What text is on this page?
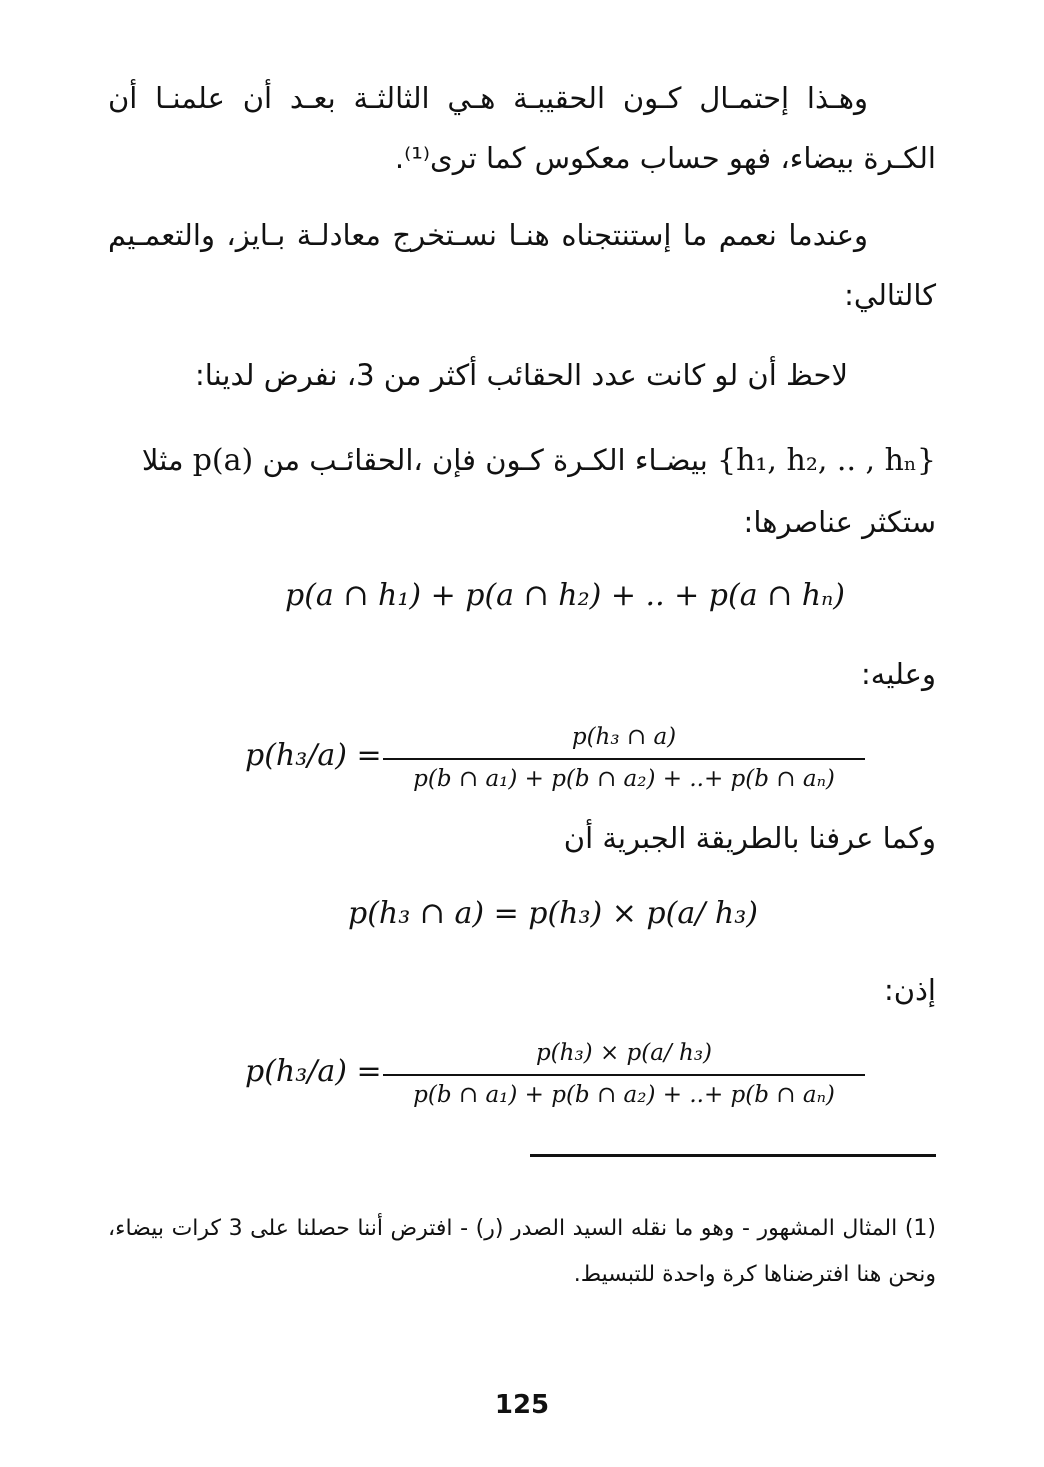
وهـذا إحتمـال كـون الحقيبـة هـي الثالثـة بعـد أن علمنـا أن الكـرة بيضاء، فهو حساب معكوس كما ترى⁽¹⁾.

وعندما نعمم ما إستنتجناه هنـا نسـتخرج معادلـة بـايز، والتعمـيم كالتالي:

لاحظ أن لو كانت عدد الحقائب أكثر من 3، نفرض لدينا:

{h₁, h₂, .. , hₙ} بيضـاء الكـرة كـون فإن ،الحقائـب من p(a) مثلا

ستكثر عناصرها:

p(a ∩ h₁) + p(a ∩ h₂) + .. + p(a ∩ hₙ)

وعليه:

p(h₃/a) =
p(h₃ ∩ a)
p(b ∩ a₁) + p(b ∩ a₂) + ..+ p(b ∩ aₙ)

وكما عرفنا بالطريقة الجبرية أن

p(h₃ ∩ a) = p(h₃) × p(a/ h₃)

إذن:

p(h₃/a) =
p(h₃) × p(a/ h₃)
p(b ∩ a₁) + p(b ∩ a₂) + ..+ p(b ∩ aₙ)

(1) المثال المشهور - وهو ما نقله السيد الصدر (ر) - افترض أننا حصلنا على 3 كرات بيضاء، ونحن هنا افترضناها كرة واحدة للتبسيط.

125
